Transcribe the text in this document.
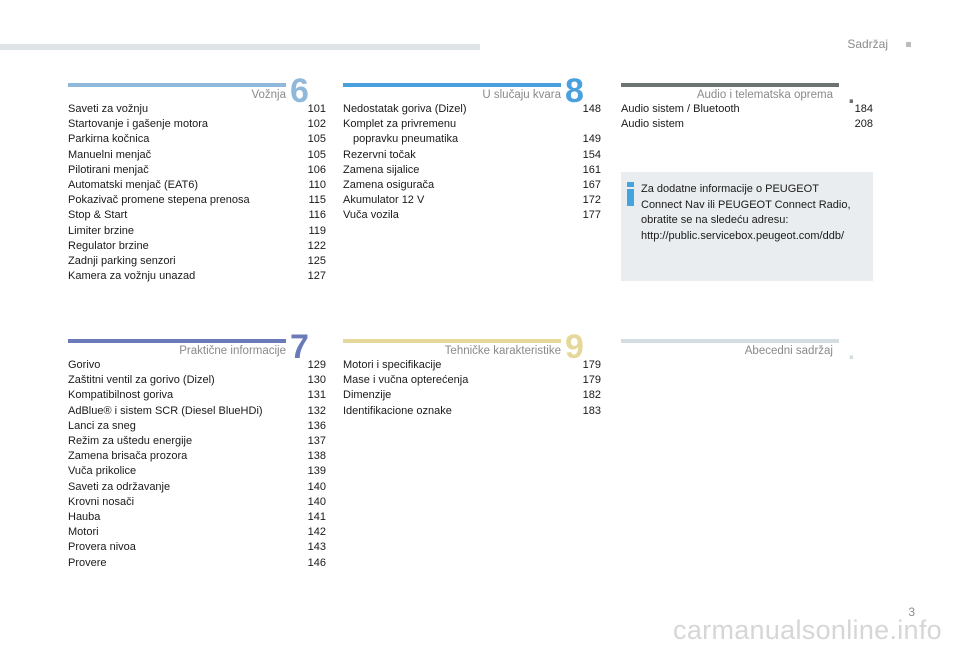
Sadržaj
Vožnja 6
Saveti za vožnju	101
Startovanje i gašenje motora	102
Parkirna kočnica	105
Manuelni menjač	105
Pilotirani menjač	106
Automatski menjač (EAT6)	110
Pokazivač promene stepena prenosa	115
Stop & Start	116
Limiter brzine	119
Regulator brzine	122
Zadnji parking senzori	125
Kamera za vožnju unazad	127
U slučaju kvara 8
Nedostatak goriva (Dizel)	148
Komplet za privremenu
popravku pneumatika	149
Rezervni točak	154
Zamena sijalice	161
Zamena osigurača	167
Akumulator 12 V	172
Vuča vozila	177
Audio i telematska oprema .
Audio sistem / Bluetooth	184
Audio sistem	208
Za dodatne informacije o PEUGEOT
Connect Nav ili PEUGEOT Connect Radio,
obratite se na sledeću adresu:
http://public.servicebox.peugeot.com/ddb/
Praktične informacije 7
Gorivo	129
Zaštitni ventil za gorivo (Dizel)	130
Kompatibilnost goriva	131
AdBlue® i sistem SCR (Diesel BlueHDi)	132
Lanci za sneg	136
Režim za uštedu energije	137
Zamena brisača prozora	138
Vuča prikolice	139
Saveti za održavanje	140
Krovni nosači	140
Hauba	141
Motori	142
Provera nivoa	143
Provere	146
Tehničke karakteristike 9
Motori i specifikacije	179
Mase i vučna opterećenja	179
Dimenzije	182
Identifikacione oznake	183
Abecedni sadržaj .
3
carmanualsonline.info
